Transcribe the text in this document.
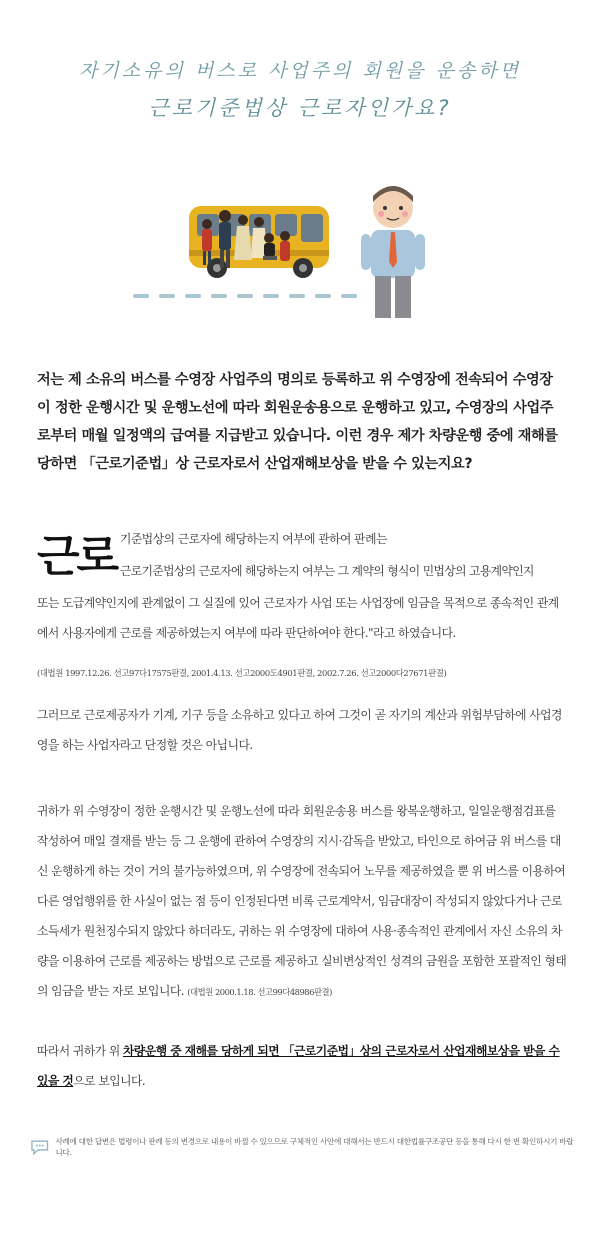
자기소유의 버스로 사업주의 회원을 운송하면
근로기준법상 근로자인가요?
저는 제 소유의 버스를 수영장 사업주의 명의로 등록하고 위 수영장에 전속되어 수영장이 정한 운행시간 및 운행노선에 따라 회원운송용으로 운행하고 있고, 수영장의 사업주로부터 매월 일정액의 급여를 지급받고 있습니다. 이런 경우 제가 차량운행 중에 재해를 당하면 「근로기준법」상 근로자로서 산업재해보상을 받을 수 있는지요?
근로 기준법상의 근로자에 해당하는지 여부에 관하여 판례는
근로기준법상의 근로자에 해당하는지 여부는 그 계약의 형식이 민법상의 고용계약인지
또는 도급계약인지에 관계없이 그 실질에 있어 근로자가 사업 또는 사업장에 임금을 목적으로 종속적인 관계에서 사용자에게 근로를 제공하였는지 여부에 따라 판단하여야 한다."라고 하였습니다.
(대법원 1997.12.26. 선고97다17575판결, 2001.4.13. 선고2000도4901판결, 2002.7.26. 선고2000다27671판결)
그러므로 근로제공자가 기계, 기구 등을 소유하고 있다고 하여 그것이 곧 자기의 계산과 위험부담하에 사업경영을 하는 사업자라고 단정할 것은 아닙니다.
귀하가 위 수영장이 정한 운행시간 및 운행노선에 따라 회원운송용 버스를 왕복운행하고, 일일운행점검표를 작성하여 매일 결재를 받는 등 그 운행에 관하여 수영장의 지시·감독을 받았고, 타인으로 하여금 위 버스를 대신 운행하게 하는 것이 거의 불가능하였으며, 위 수영장에 전속되어 노무를 제공하였을 뿐 위 버스를 이용하여 다른 영업행위를 한 사실이 없는 점 등이 인정된다면 비록 근로계약서, 임금대장이 작성되지 않았다거나 근로소득세가 원천징수되지 않았다 하더라도, 귀하는 위 수영장에 대하여 사용·종속적인 관계에서 자신 소유의 차량을 이용하여 근로를 제공하는 방법으로 근로를 제공하고 실비변상적인 성격의 금원을 포함한 포괄적인 형태의 임금을 받는 자로 보입니다. (대법원 2000.1.18. 선고99다48986판결)
따라서 귀하가 위 차량운행 중 재해를 당하게 되면 「근로기준법」상의 근로자로서 산업재해보상을 받을 수 있을 것으로 보입니다.
사례에 대한 답변은 법령이나 판례 등의 변경으로 내용이 바뀔 수 있으므로 구체적인 사안에 대해서는 반드시 대한법률구조공단 등을 통해 다시 한 번 확인하시기 바랍니다.
